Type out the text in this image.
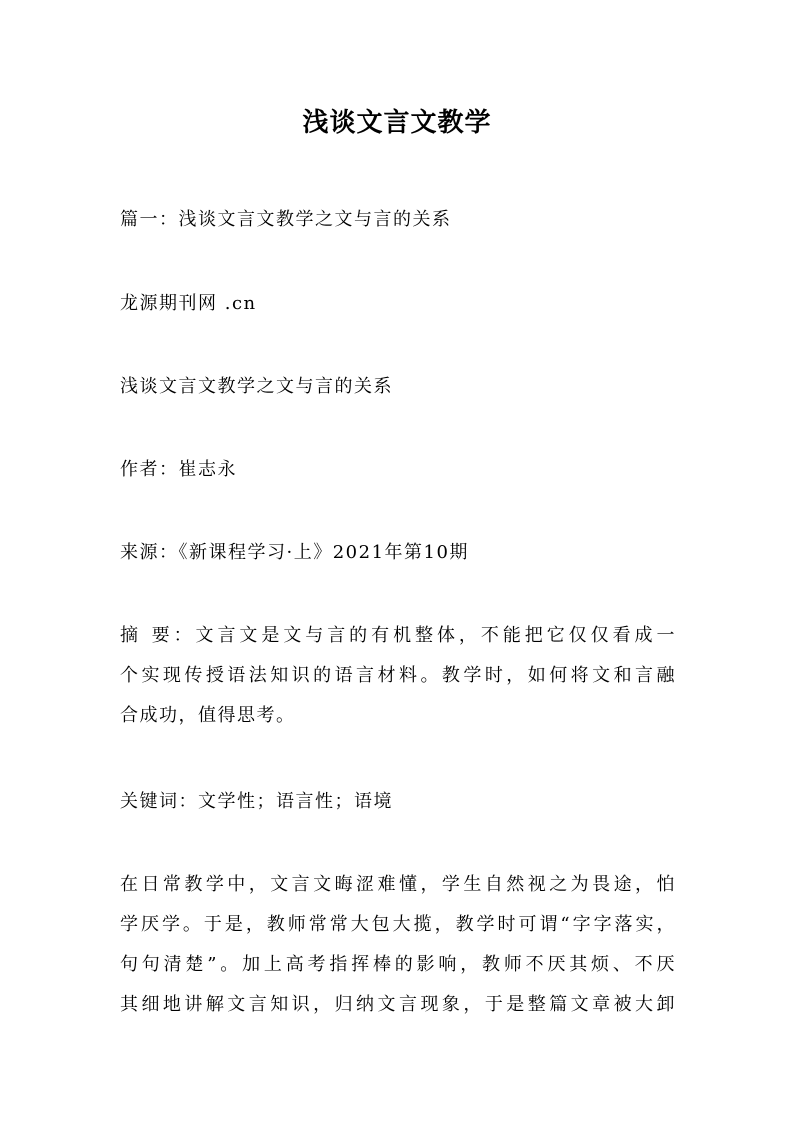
浅谈文言文教学

篇一：浅谈文言文教学之文与言的关系

龙源期刊网 .cn

浅谈文言文教学之文与言的关系

作者：崔志永

来源：《新课程学习·上》2021年第10期

摘 要：文言文是文与言的有机整体，不能把它仅仅看成一
个实现传授语法知识的语言材料。教学时，如何将文和言融
合成功，值得思考。

关键词：文学性；语言性；语境

在日常教学中，文言文晦涩难懂，学生自然视之为畏途，怕
学厌学。于是，教师常常大包大揽，教学时可谓“字字落实，
句句清楚”。加上高考指挥棒的影响，教师不厌其烦、不厌
其细地讲解文言知识，归纳文言现象，于是整篇文章被大卸
